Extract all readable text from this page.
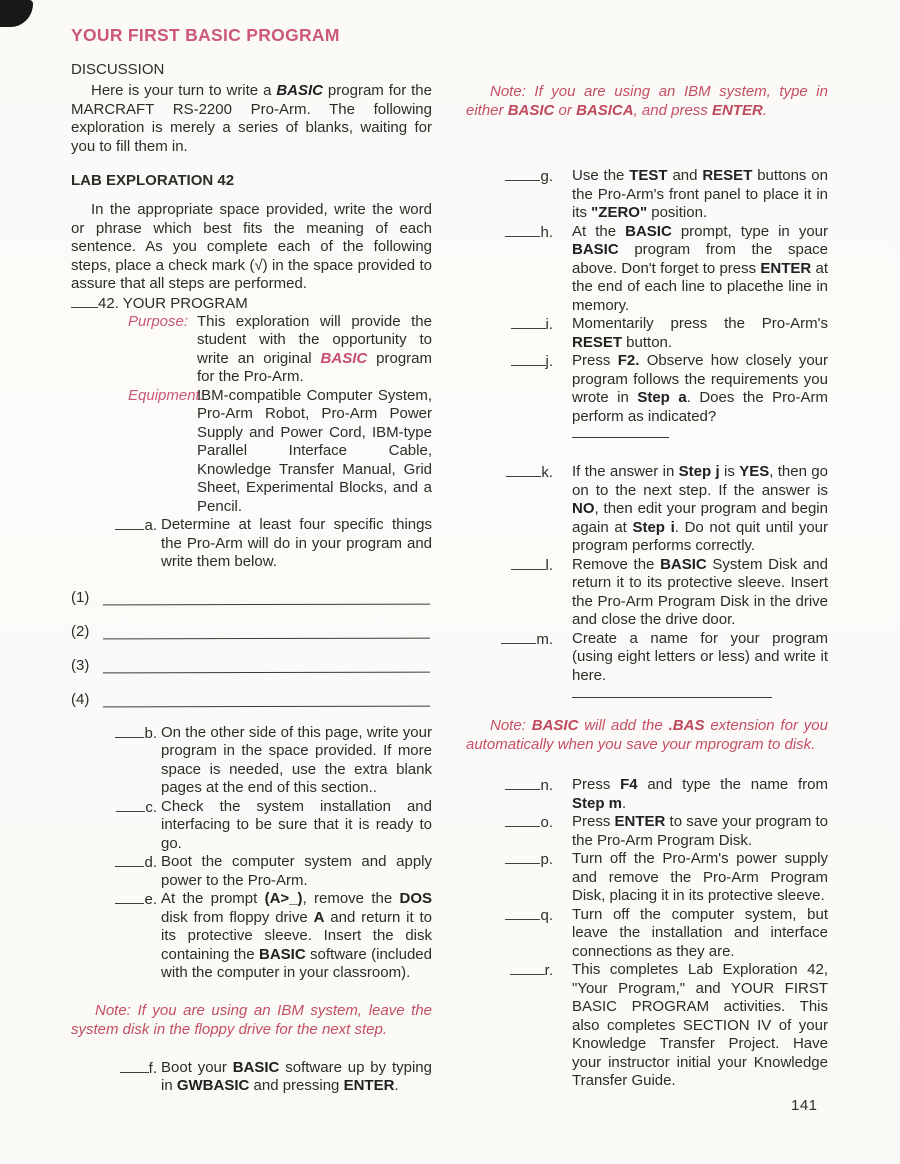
YOUR FIRST BASIC PROGRAM
DISCUSSION
Here is your turn to write a BASIC program for the MARCRAFT RS-2200 Pro-Arm. The following exploration is merely a series of blanks, waiting for you to fill them in.
LAB EXPLORATION 42
In the appropriate space provided, write the word or phrase which best fits the meaning of each sentence. As you complete each of the following steps, place a check mark (√) in the space provided to assure that all steps are performed.
42. YOUR PROGRAM
Purpose: This exploration will provide the student with the opportunity to write an original BASIC program for the Pro-Arm.
Equipment:
IBM-compatible Computer System, Pro-Arm Robot, Pro-Arm Power Supply and Power Cord, IBM-type Parallel Interface Cable, Knowledge Transfer Manual, Grid Sheet, Experimental Blocks, and a Pencil.
a. Determine at least four specific things the Pro-Arm will do in your program and write them below.
(1)
(2)
(3)
(4)
b. On the other side of this page, write your program in the space provided. If more space is needed, use the extra blank pages at the end of this section..
c. Check the system installation and interfacing to be sure that it is ready to go.
d. Boot the computer system and apply power to the Pro-Arm.
e. At the prompt (A>_), remove the DOS disk from floppy drive A and return it to its protective sleeve. Insert the disk containing the BASIC software (included with the computer in your classroom).
Note: If you are using an IBM system, leave the system disk in the floppy drive for the next step.
f. Boot your BASIC software up by typing in GWBASIC and pressing ENTER.
Note: If you are using an IBM system, type in either BASIC or BASICA, and press ENTER.
g. Use the TEST and RESET buttons on the Pro-Arm's front panel to place it in its "ZERO" position.
h. At the BASIC prompt, type in your BASIC program from the space above. Don't forget to press ENTER at the end of each line to placethe line in memory.
i. Momentarily press the Pro-Arm's RESET button.
j. Press F2. Observe how closely your program follows the requirements you wrote in Step a. Does the Pro-Arm perform as indicated?
k. If the answer in Step j is YES, then go on to the next step. If the answer is NO, then edit your program and begin again at Step i. Do not quit until your program performs correctly.
l. Remove the BASIC System Disk and return it to its protective sleeve. Insert the Pro-Arm Program Disk in the drive and close the drive door.
m. Create a name for your program (using eight letters or less) and write it here.
Note: BASIC will add the .BAS extension for you automatically when you save your mprogram to disk.
n. Press F4 and type the name from Step m.
o. Press ENTER to save your program to the Pro-Arm Program Disk.
p. Turn off the Pro-Arm's power supply and remove the Pro-Arm Program Disk, placing it in its protective sleeve.
q. Turn off the computer system, but leave the installation and interface connections as they are.
r. This completes Lab Exploration 42, "Your Program," and YOUR FIRST BASIC PROGRAM activities. This also completes SECTION IV of your Knowledge Transfer Project. Have your instructor initial your Knowledge Transfer Guide.
141
